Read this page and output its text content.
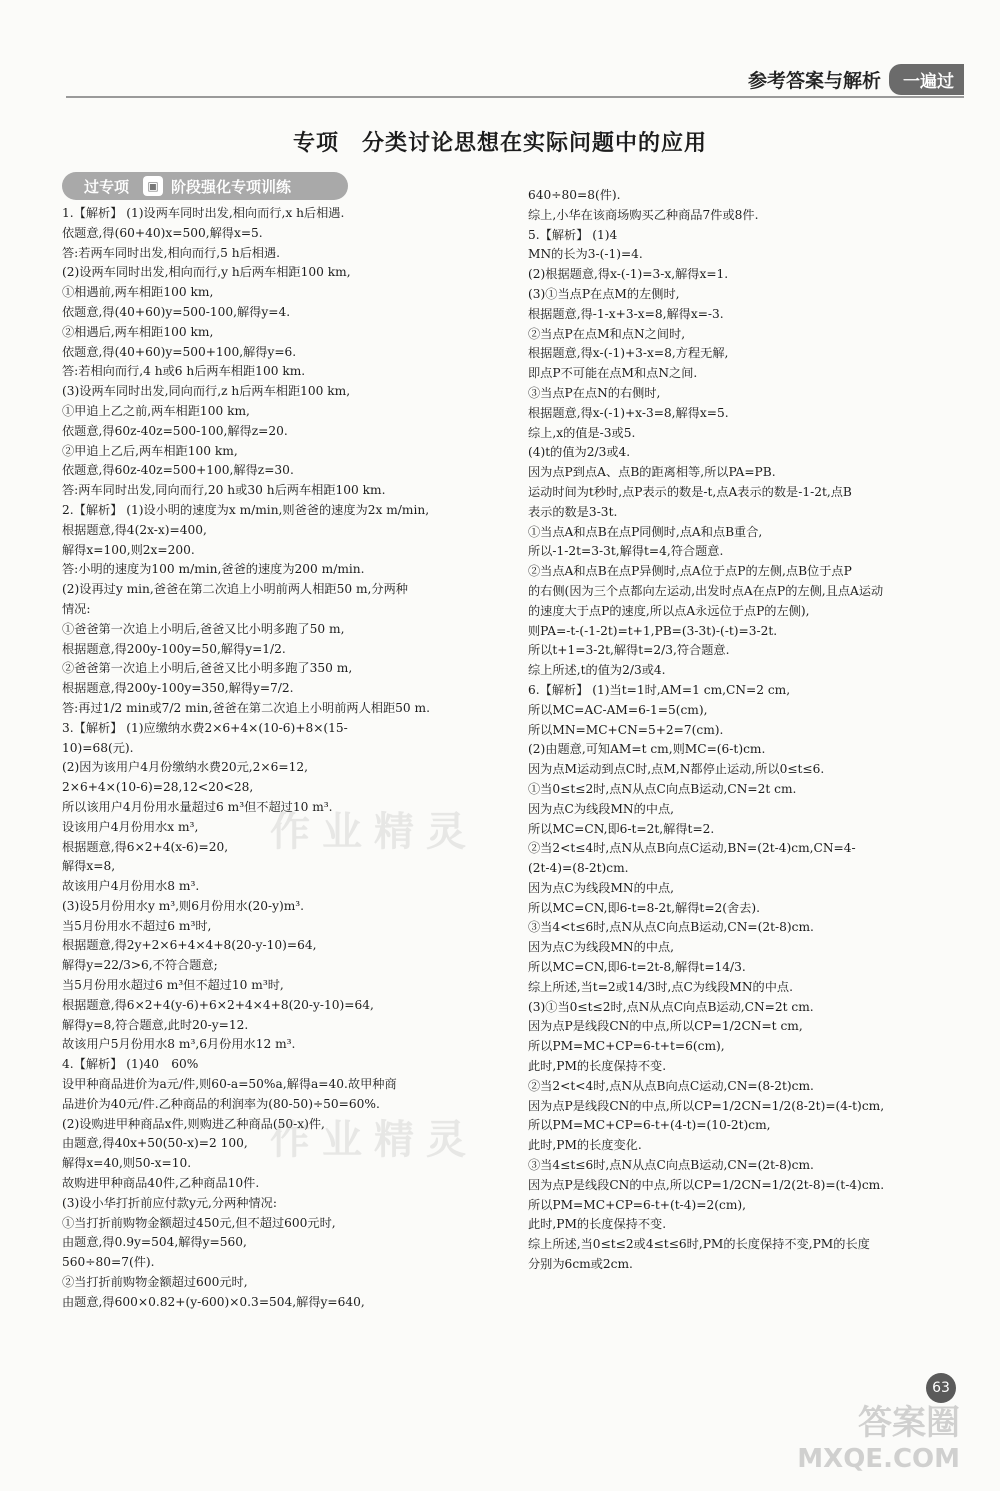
参考答案与解析	一遍过
专项　分类讨论思想在实际问题中的应用
过专项	▣ 阶段强化专项训练
1.【解析】 (1)设两车同时出发,相向而行,x h后相遇.
依题意,得(60+40)x=500,解得x=5.
答:若两车同时出发,相向而行,5 h后相遇.
(2)设两车同时出发,相向而行,y h后两车相距100 km,
①相遇前,两车相距100 km,
依题意,得(40+60)y=500-100,解得y=4.
②相遇后,两车相距100 km,
依题意,得(40+60)y=500+100,解得y=6.
答:若相向而行,4 h或6 h后两车相距100 km.
(3)设两车同时出发,同向而行,z h后两车相距100 km,
①甲追上乙之前,两车相距100 km,
依题意,得60z-40z=500-100,解得z=20.
②甲追上乙后,两车相距100 km,
依题意,得60z-40z=500+100,解得z=30.
答:两车同时出发,同向而行,20 h或30 h后两车相距100 km.
2.【解析】 (1)设小明的速度为x m/min,则爸爸的速度为2x m/min,
根据题意,得4(2x-x)=400,
解得x=100,则2x=200.
答:小明的速度为100 m/min,爸爸的速度为200 m/min.
(2)设再过y min,爸爸在第二次追上小明前两人相距50 m,分两种
情况:
①爸爸第一次追上小明后,爸爸又比小明多跑了50 m,
根据题意,得200y-100y=50,解得y=1/2.
②爸爸第一次追上小明后,爸爸又比小明多跑了350 m,
根据题意,得200y-100y=350,解得y=7/2.
答:再过1/2 min或7/2 min,爸爸在第二次追上小明前两人相距50 m.
3.【解析】 (1)应缴纳水费2×6+4×(10-6)+8×(15-
10)=68(元).
(2)因为该用户4月份缴纳水费20元,2×6=12,
2×6+4×(10-6)=28,12<20<28,
所以该用户4月份用水量超过6 m³但不超过10 m³.
设该用户4月份用水x m³,
根据题意,得6×2+4(x-6)=20,
解得x=8,
故该用户4月份用水8 m³.
(3)设5月份用水y m³,则6月份用水(20-y)m³.
当5月份用水不超过6 m³时,
根据题意,得2y+2×6+4×4+8(20-y-10)=64,
解得y=22/3>6,不符合题意;
当5月份用水超过6 m³但不超过10 m³时,
根据题意,得6×2+4(y-6)+6×2+4×4+8(20-y-10)=64,
解得y=8,符合题意,此时20-y=12.
故该用户5月份用水8 m³,6月份用水12 m³.
4.【解析】 (1)40　60%
设甲种商品进价为a元/件,则60-a=50%a,解得a=40.故甲种商
品进价为40元/件.乙种商品的利润率为(80-50)÷50=60%.
(2)设购进甲种商品x件,则购进乙种商品(50-x)件,
由题意,得40x+50(50-x)=2 100,
解得x=40,则50-x=10.
故购进甲种商品40件,乙种商品10件.
(3)设小华打折前应付款y元,分两种情况:
①当打折前购物金额超过450元,但不超过600元时,
由题意,得0.9y=504,解得y=560,
560÷80=7(件).
②当打折前购物金额超过600元时,
由题意,得600×0.82+(y-600)×0.3=504,解得y=640,
640÷80=8(件).
综上,小华在该商场购买乙种商品7件或8件.
5.【解析】 (1)4
MN的长为3-(-1)=4.
(2)根据题意,得x-(-1)=3-x,解得x=1.
(3)①当点P在点M的左侧时,
根据题意,得-1-x+3-x=8,解得x=-3.
②当点P在点M和点N之间时,
根据题意,得x-(-1)+3-x=8,方程无解,
即点P不可能在点M和点N之间.
③当点P在点N的右侧时,
根据题意,得x-(-1)+x-3=8,解得x=5.
综上,x的值是-3或5.
(4)t的值为2/3或4.
因为点P到点A、点B的距离相等,所以PA=PB.
运动时间为t秒时,点P表示的数是-t,点A表示的数是-1-2t,点B
表示的数是3-3t.
①当点A和点B在点P同侧时,点A和点B重合,
所以-1-2t=3-3t,解得t=4,符合题意.
②当点A和点B在点P异侧时,点A位于点P的左侧,点B位于点P
的右侧(因为三个点都向左运动,出发时点A在点P的左侧,且点A运动
的速度大于点P的速度,所以点A永远位于点P的左侧),
则PA=-t-(-1-2t)=t+1,PB=(3-3t)-(-t)=3-2t.
所以t+1=3-2t,解得t=2/3,符合题意.
综上所述,t的值为2/3或4.
6.【解析】 (1)当t=1时,AM=1 cm,CN=2 cm,
所以MC=AC-AM=6-1=5(cm),
所以MN=MC+CN=5+2=7(cm).
(2)由题意,可知AM=t cm,则MC=(6-t)cm.
因为点M运动到点C时,点M,N都停止运动,所以0≤t≤6.
①当0≤t≤2时,点N从点C向点B运动,CN=2t cm.
因为点C为线段MN的中点,
所以MC=CN,即6-t=2t,解得t=2.
②当2<t≤4时,点N从点B向点C运动,BN=(2t-4)cm,CN=4-
(2t-4)=(8-2t)cm.
因为点C为线段MN的中点,
所以MC=CN,即6-t=8-2t,解得t=2(舍去).
③当4<t≤6时,点N从点C向点B运动,CN=(2t-8)cm.
因为点C为线段MN的中点,
所以MC=CN,即6-t=2t-8,解得t=14/3.
综上所述,当t=2或14/3时,点C为线段MN的中点.
(3)①当0≤t≤2时,点N从点C向点B运动,CN=2t cm.
因为点P是线段CN的中点,所以CP=1/2CN=t cm,
所以PM=MC+CP=6-t+t=6(cm),
此时,PM的长度保持不变.
②当2<t<4时,点N从点B向点C运动,CN=(8-2t)cm.
因为点P是线段CN的中点,所以CP=1/2CN=1/2(8-2t)=(4-t)cm,
所以PM=MC+CP=6-t+(4-t)=(10-2t)cm,
此时,PM的长度变化.
③当4≤t≤6时,点N从点C向点B运动,CN=(2t-8)cm.
因为点P是线段CN的中点,所以CP=1/2CN=1/2(2t-8)=(t-4)cm.
所以PM=MC+CP=6-t+(t-4)=2(cm),
此时,PM的长度保持不变.
综上所述,当0≤t≤2或4≤t≤6时,PM的长度保持不变,PM的长度
分别为6cm或2cm.
作业精灵
作业精灵
63
答案圈
MXQE.COM
